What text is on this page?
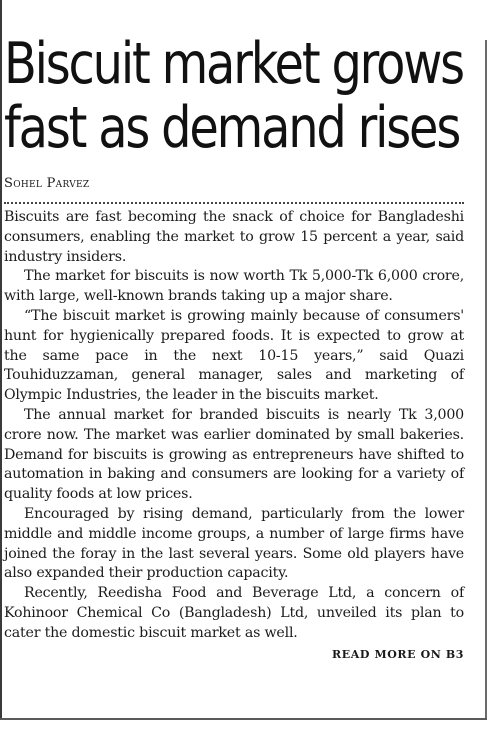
Biscuit market grows
fast as demand rises
Sohel Parvez

Biscuits are fast becoming the snack of choice for Bangladeshi consumers, enabling the market to grow 15 percent a year, said industry insiders.

The market for biscuits is now worth Tk 5,000-Tk 6,000 crore, with large, well-known brands taking up a major share.

“The biscuit market is growing mainly because of consumers' hunt for hygienically prepared foods. It is expected to grow at the same pace in the next 10-15 years,” said Quazi Touhiduzzaman, general manager, sales and marketing of Olympic Industries, the leader in the biscuits market.

The annual market for branded biscuits is nearly Tk 3,000 crore now. The market was earlier dominated by small bakeries. Demand for biscuits is growing as entrepreneurs have shifted to automation in baking and consumers are looking for a variety of quality foods at low prices.

Encouraged by rising demand, particularly from the lower middle and middle income groups, a number of large firms have joined the foray in the last several years. Some old players have also expanded their production capacity.

Recently, Reedisha Food and Beverage Ltd, a concern of Kohinoor Chemical Co (Bangladesh) Ltd, unveiled its plan to cater the domestic biscuit market as well.

READ MORE ON B3
